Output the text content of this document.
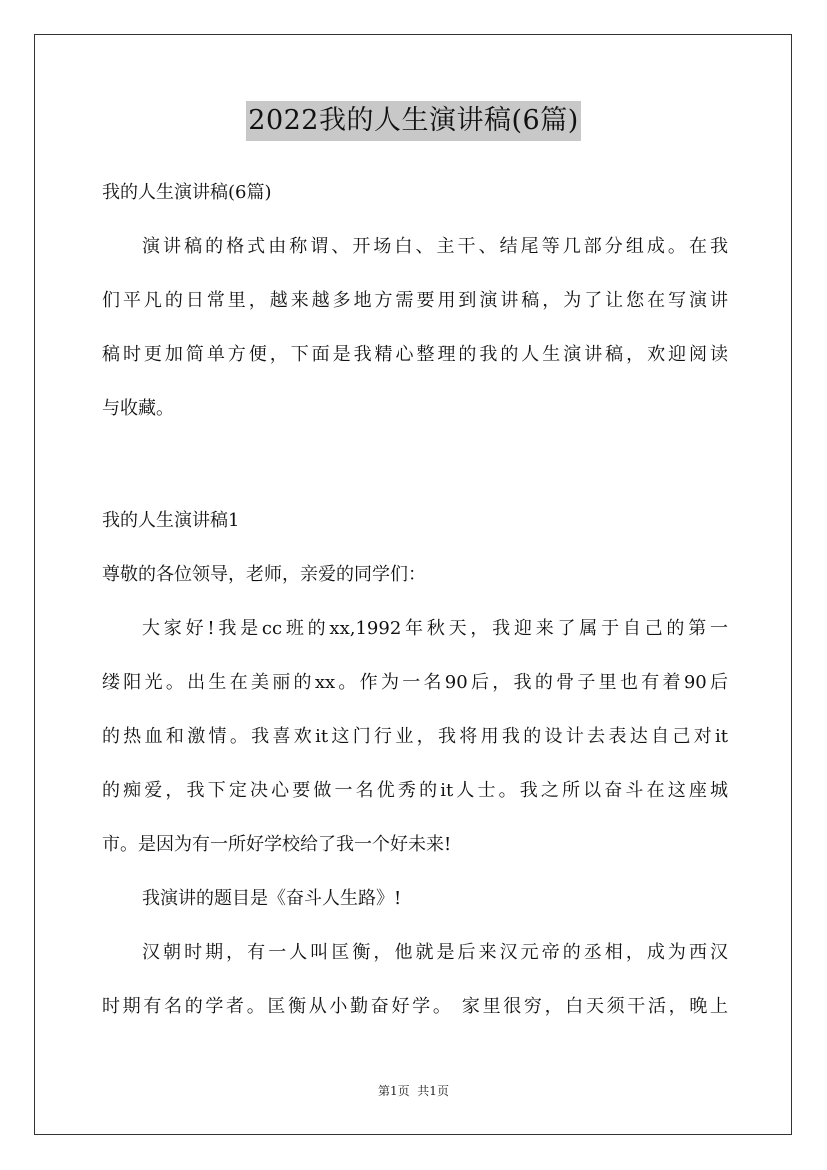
2022我的人生演讲稿(6篇)
我的人生演讲稿(6篇)
演讲稿的格式由称谓、开场白、主干、结尾等几部分组成。在我
们平凡的日常里，越来越多地方需要用到演讲稿，为了让您在写演讲
稿时更加简单方便，下面是我精心整理的我的人生演讲稿，欢迎阅读
与收藏。
我的人生演讲稿1
尊敬的各位领导，老师，亲爱的同学们：
大家好!我是cc班的xx,1992年秋天，我迎来了属于自己的第一
缕阳光。出生在美丽的xx。作为一名90后，我的骨子里也有着90后
的热血和激情。我喜欢it这门行业，我将用我的设计去表达自己对it
的痴爱，我下定决心要做一名优秀的it人士。我之所以奋斗在这座城
市。是因为有一所好学校给了我一个好未来!
我演讲的题目是《奋斗人生路》!
汉朝时期，有一人叫匡衡，他就是后来汉元帝的丞相，成为西汉
时期有名的学者。匡衡从小勤奋好学。 家里很穷，白天须干活，晚上
第1页  共1页
